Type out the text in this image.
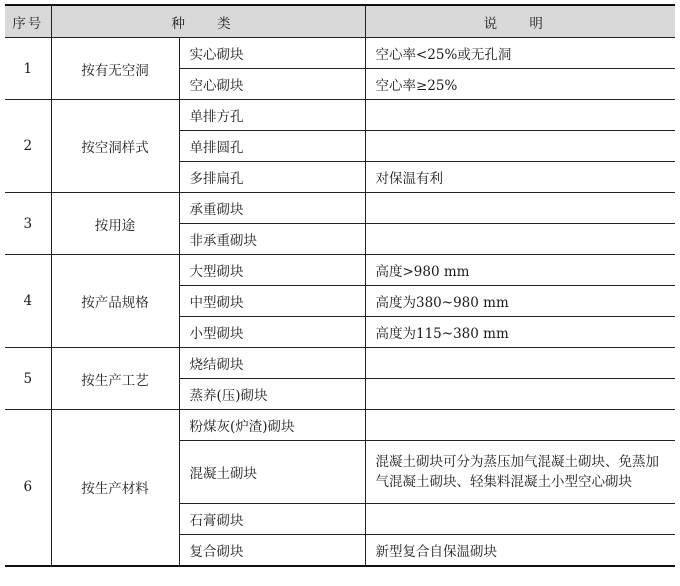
序号	种 类		说 明
1	按有无空洞	实心砌块	空心率<25%或无孔洞
		空心砌块	空心率≥25%
2	按空洞样式	单排方孔	
		单排圆孔	
		多排扁孔	对保温有利
3	按用途	承重砌块	
		非承重砌块	
4	按产品规格	大型砌块	高度>980 mm
		中型砌块	高度为380~980 mm
		小型砌块	高度为115~380 mm
5	按生产工艺	烧结砌块	
		蒸养(压)砌块	
6	按生产材料	粉煤灰(炉渣)砌块	
		混凝土砌块	混凝土砌块可分为蒸压加气混凝土砌块、免蒸加气混凝土砌块、轻集料混凝土小型空心砌块
		石膏砌块	
		复合砌块	新型复合自保温砌块
